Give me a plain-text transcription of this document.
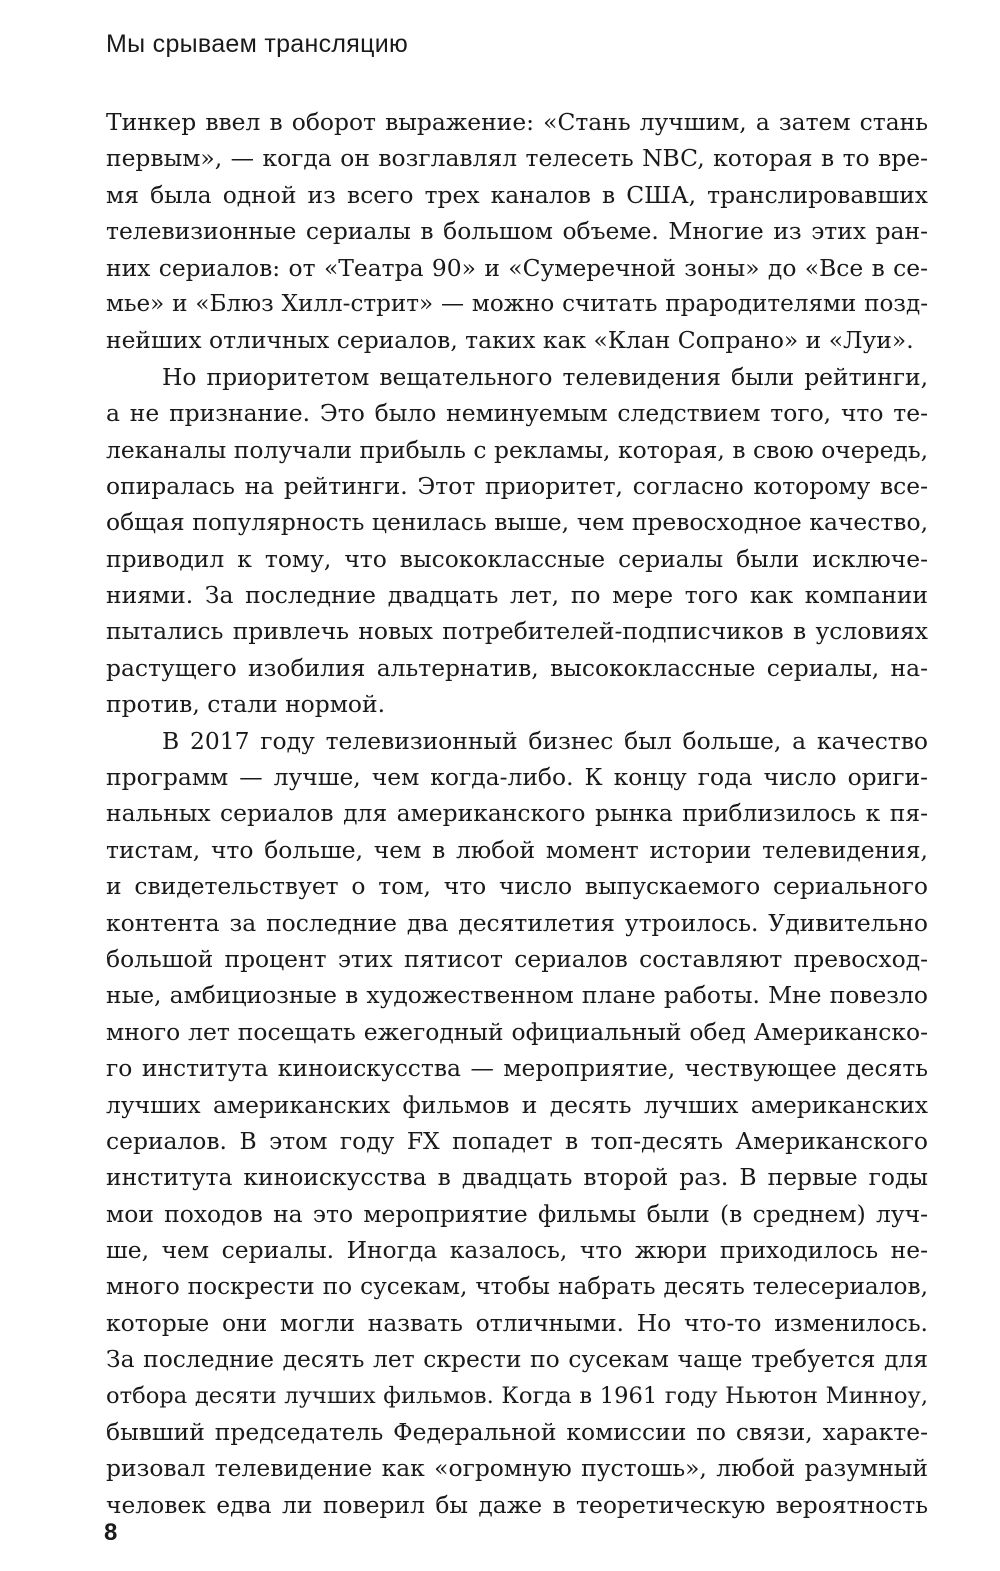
Мы срываем трансляцию
Тинкер ввел в оборот выражение: «Стань лучшим, а затем стань
первым», — когда он возглавлял телесеть NBC, которая в то вре-
мя была одной из всего трех каналов в США, транслировавших
телевизионные сериалы в большом объеме. Многие из этих ран-
них сериалов: от «Театра 90» и «Сумеречной зоны» до «Все в се-
мье» и «Блюз Хилл-стрит» — можно считать прародителями позд-
нейших отличных сериалов, таких как «Клан Сопрано» и «Луи».
Но приоритетом вещательного телевидения были рейтинги,
а не признание. Это было неминуемым следствием того, что те-
леканалы получали прибыль с рекламы, которая, в свою очередь,
опиралась на рейтинги. Этот приоритет, согласно которому все-
общая популярность ценилась выше, чем превосходное качество,
приводил к тому, что высококлассные сериалы были исключе-
ниями. За последние двадцать лет, по мере того как компании
пытались привлечь новых потребителей-подписчиков в условиях
растущего изобилия альтернатив, высококлассные сериалы, на-
против, стали нормой.
В 2017 году телевизионный бизнес был больше, а качество
программ — лучше, чем когда-либо. К концу года число ориги-
нальных сериалов для американского рынка приблизилось к пя-
тистам, что больше, чем в любой момент истории телевидения,
и свидетельствует о том, что число выпускаемого сериального
контента за последние два десятилетия утроилось. Удивительно
большой процент этих пятисот сериалов составляют превосход-
ные, амбициозные в художественном плане работы. Мне повезло
много лет посещать ежегодный официальный обед Американско-
го института киноискусства — мероприятие, чествующее десять
лучших американских фильмов и десять лучших американских
сериалов. В этом году FX попадет в топ-десять Американского
института киноискусства в двадцать второй раз. В первые годы
мои походов на это мероприятие фильмы были (в среднем) луч-
ше, чем сериалы. Иногда казалось, что жюри приходилось не-
много поскрести по сусекам, чтобы набрать десять телесериалов,
которые они могли назвать отличными. Но что-то изменилось.
За последние десять лет скрести по сусекам чаще требуется для
отбора десяти лучших фильмов. Когда в 1961 году Ньютон Минноу,
бывший председатель Федеральной комиссии по связи, характе-
ризовал телевидение как «огромную пустошь», любой разумный
человек едва ли поверил бы даже в теоретическую вероятность
8
